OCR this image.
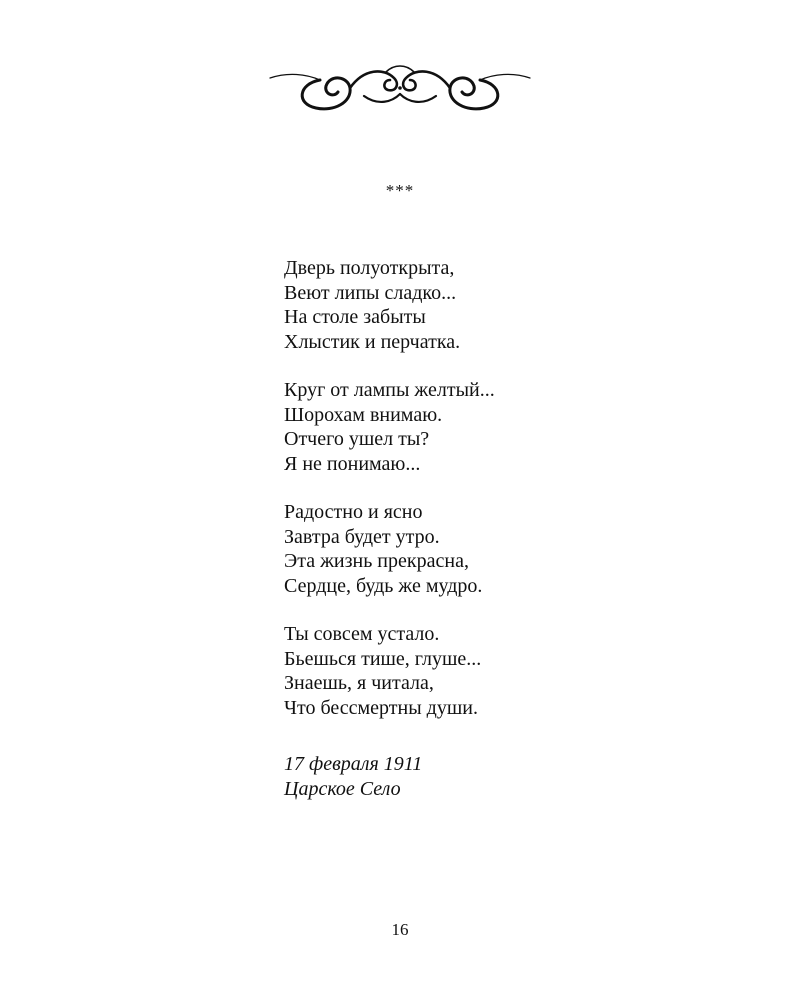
***
Дверь полуоткрыта,
Веют липы сладко...
На столе забыты
Хлыстик и перчатка.
Круг от лампы желтый...
Шорохам внимаю.
Отчего ушел ты?
Я не понимаю...
Радостно и ясно
Завтра будет утро.
Эта жизнь прекрасна,
Сердце, будь же мудро.
Ты совсем устало.
Бьешься тише, глуше...
Знаешь, я читала,
Что бессмертны души.
17 февраля 1911
Царское Село
16
